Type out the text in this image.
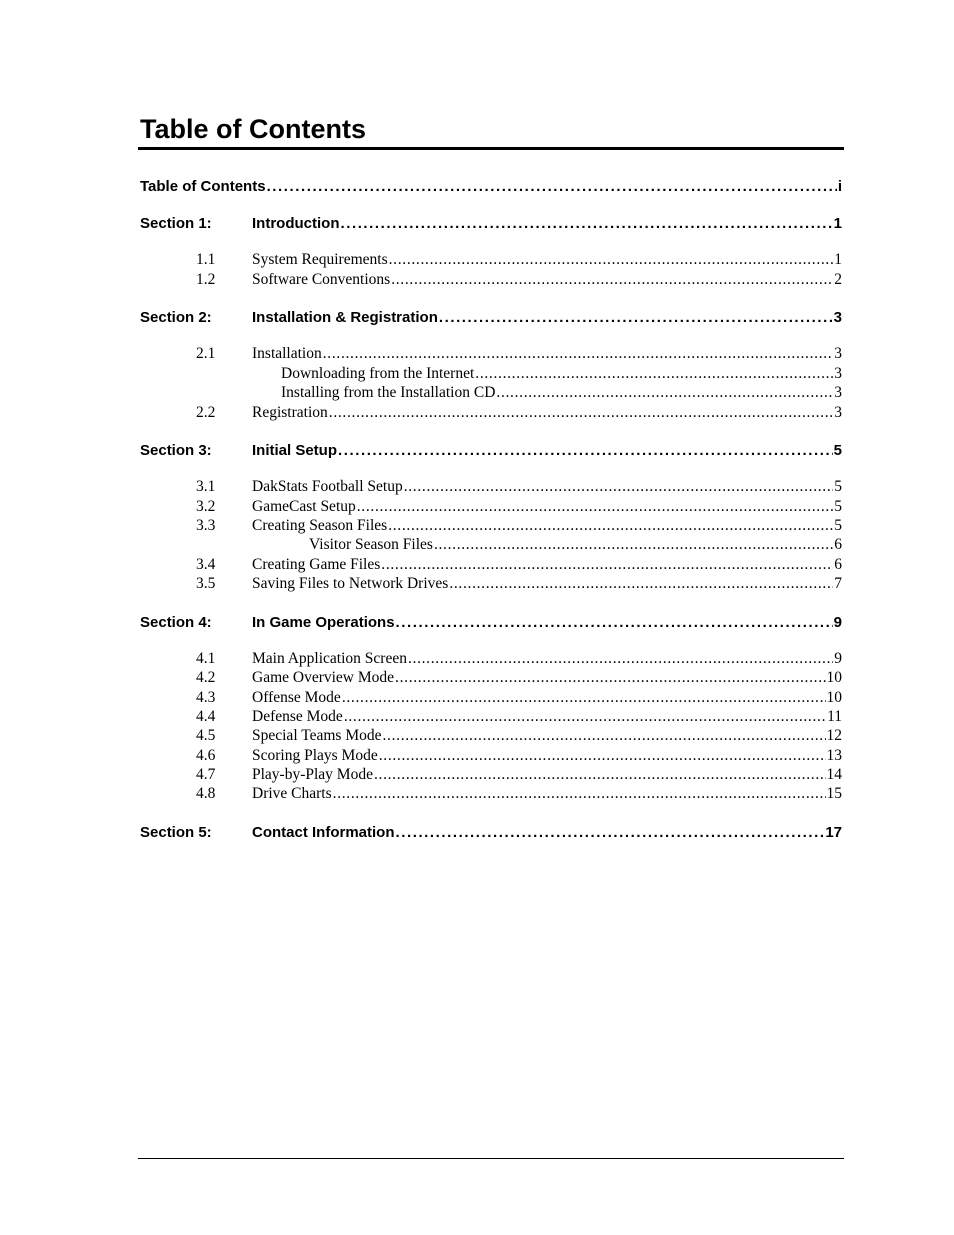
Table of Contents
Table of Contents . . .	i
Section 1:	Introduction . . .	1
1.1 System Requirements . . .	1
1.2 Software Conventions . . .	2
Section 2:	Installation & Registration . . .	3
2.1 Installation . . .	3
Downloading from the Internet . . .	3
Installing from the Installation CD . . .	3
2.2 Registration . . .	3
Section 3:	Initial Setup . . .	5
3.1 DakStats Football Setup . . .	5
3.2 GameCast Setup . . .	5
3.3 Creating Season Files . . .	5
Visitor Season Files . . .	6
3.4 Creating Game Files . . .	6
3.5 Saving Files to Network Drives . . .	7
Section 4:	In Game Operations . . .	9
4.1 Main Application Screen . . .	9
4.2 Game Overview Mode . . .	10
4.3 Offense Mode . . .	10
4.4 Defense Mode . . .	11
4.5 Special Teams Mode . . .	12
4.6 Scoring Plays Mode . . .	13
4.7 Play-by-Play Mode . . .	14
4.8 Drive Charts . . .	15
Section 5:	Contact Information . . .	17
